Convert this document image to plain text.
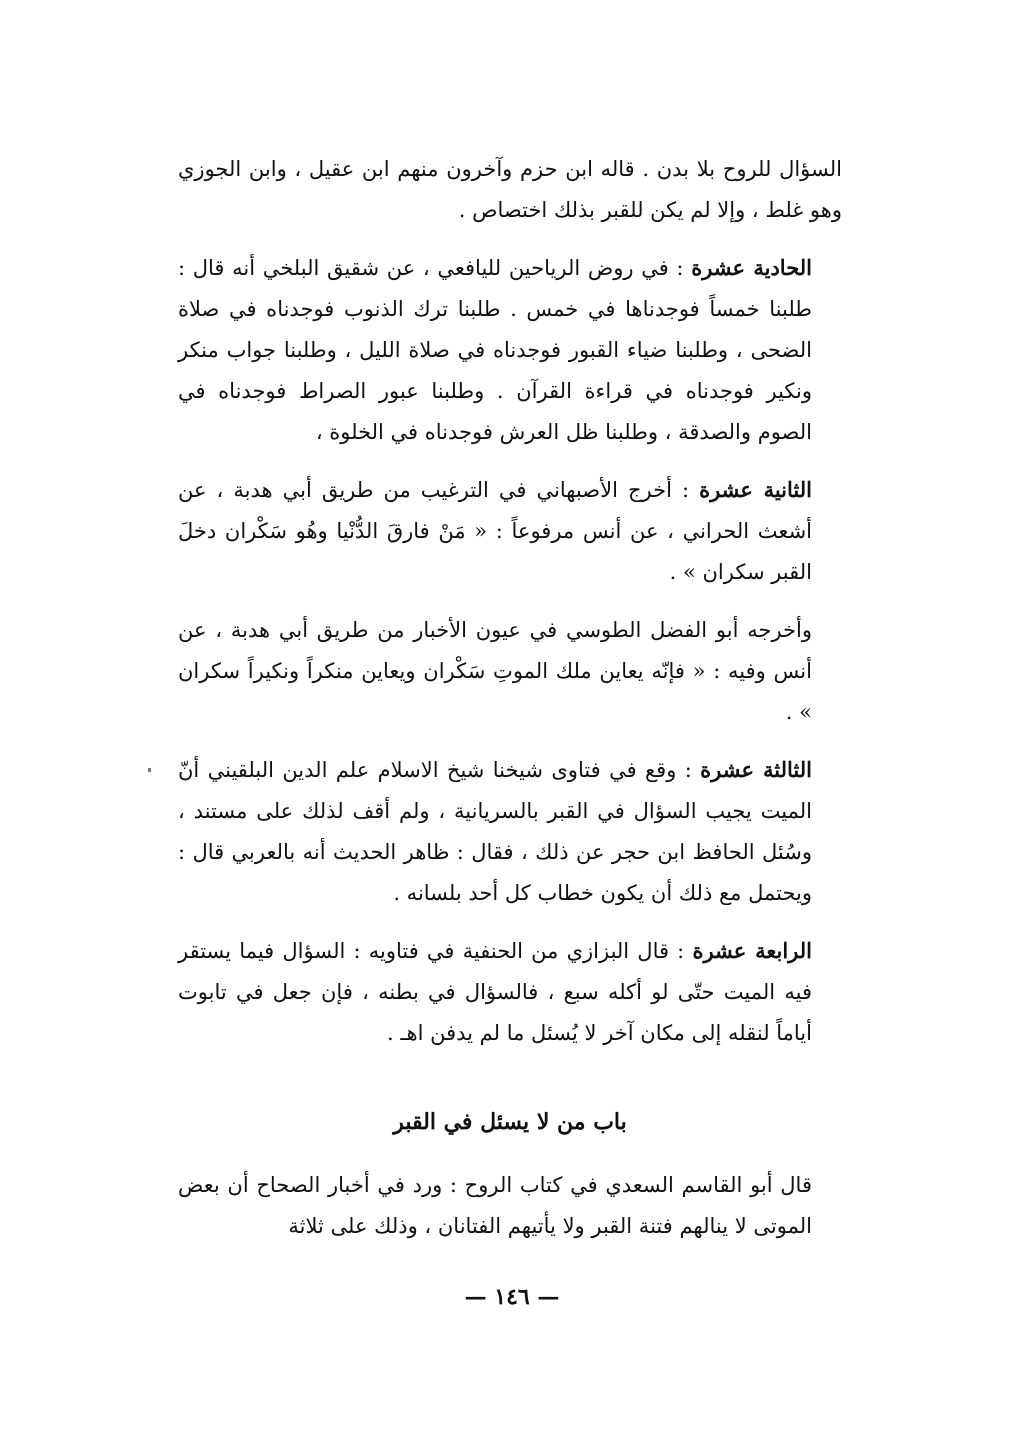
السؤال للروح بلا بدن . قاله ابن حزم وآخرون منهم ابن عقيل ، وابن الجوزي وهو غلط ، وإلا لم يكن للقبر بذلك اختصاص .

الحادية عشرة : في روض الرياحين لليافعي ، عن شقيق البلخي أنه قال : طلبنا خمساً فوجدناها في خمس . طلبنا ترك الذنوب فوجدناه في صلاة الضحى ، وطلبنا ضياء القبور فوجدناه في صلاة الليل ، وطلبنا جواب منكر ونكير فوجدناه في قراءة القرآن . وطلبنا عبور الصراط فوجدناه في الصوم والصدقة ، وطلبنا ظل العرش فوجدناه في الخلوة ،

الثانية عشرة : أخرج الأصبهاني في الترغيب من طريق أبي هدبة ، عن أشعث الحراني ، عن أنس مرفوعاً : « مَنْ فارقَ الدُّنْيا وهُو سَكْران دخلَ القبر سكران » .

وأخرجه أبو الفضل الطوسي في عيون الأخبار من طريق أبي هدبة ، عن أنس وفيه : « فإنّه يعاين ملك الموتِ سَكْران ويعاين منكراً ونكيراً سكران » .

الثالثة عشرة : وقع في فتاوى شيخنا شيخ الاسلام علم الدين البلقيني أنّ الميت يجيب السؤال في القبر بالسريانية ، ولم أقف لذلك على مستند ، وسُئل الحافظ ابن حجر عن ذلك ، فقال : ظاهر الحديث أنه بالعربي قال : ويحتمل مع ذلك أن يكون خطاب كل أحد بلسانه .

الرابعة عشرة : قال البزازي من الحنفية في فتاويه : السؤال فيما يستقر فيه الميت حتّى لو أكله سبع ، فالسؤال في بطنه ، فإن جعل في تابوت أياماً لنقله إلى مكان آخر لا يُسئل ما لم يدفن اهـ .

باب من لا يسئل في القبر

قال أبو القاسم السعدي في كتاب الروح : ورد في أخبار الصحاح أن بعض الموتى لا ينالهم فتنة القبر ولا يأتيهم الفتانان ، وذلك على ثلاثة

— ١٤٦ —
